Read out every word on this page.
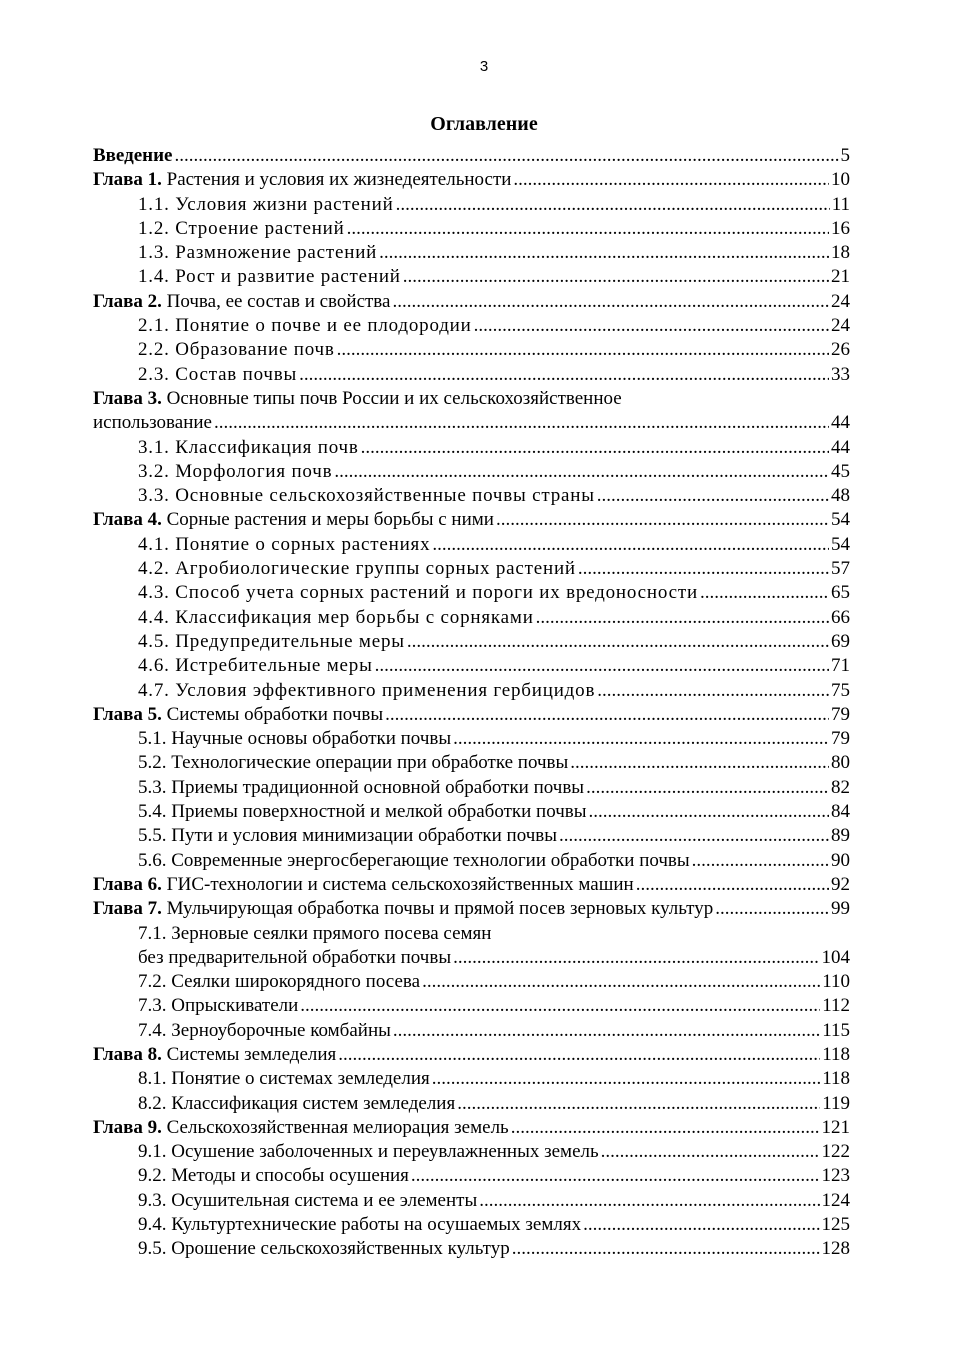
3
Оглавление
Введение .....	5
Глава 1. Растения и условия их жизнедеятельности .....	10
1.1. Условия жизни растений .....	11
1.2. Строение растений .....	16
1.3. Размножение растений .....	18
1.4. Рост и развитие растений .....	21
Глава 2. Почва, ее состав и свойства .....	24
2.1. Понятие о почве и ее плодородии .....	24
2.2. Образование почв .....	26
2.3. Состав почвы .....	33
Глава 3. Основные типы почв России и их сельскохозяйственное
использование .....	44
3.1. Классификация почв .....	44
3.2. Морфология почв .....	45
3.3. Основные сельскохозяйственные почвы страны .....	48
Глава 4. Сорные растения и меры борьбы с ними .....	54
4.1. Понятие о сорных растениях .....	54
4.2. Агробиологические группы сорных растений .....	57
4.3. Способ учета сорных растений и пороги их вредоносности .....	65
4.4. Классификация мер борьбы с сорняками .....	66
4.5. Предупредительные меры .....	69
4.6. Истребительные меры .....	71
4.7. Условия эффективного применения гербицидов .....	75
Глава 5. Системы обработки почвы .....	79
5.1. Научные основы обработки почвы .....	79
5.2. Технологические операции при обработке почвы .....	80
5.3. Приемы традиционной основной обработки почвы .....	82
5.4. Приемы поверхностной и мелкой обработки почвы .....	84
5.5. Пути и условия минимизации обработки почвы .....	89
5.6. Современные энергосберегающие технологии обработки почвы .....	90
Глава 6. ГИС-технологии и система сельскохозяйственных машин .....	92
Глава 7. Мульчирующая обработка почвы и прямой посев зерновых культур .....	99
7.1. Зерновые сеялки прямого посева семян
без предварительной обработки почвы .....	104
7.2. Сеялки широкорядного посева .....	110
7.3. Опрыскиватели .....	112
7.4. Зерноуборочные комбайны .....	115
Глава 8. Системы земледелия .....	118
8.1. Понятие о системах земледелия .....	118
8.2. Классификация систем земледелия .....	119
Глава 9. Сельскохозяйственная мелиорация земель .....	121
9.1. Осушение заболоченных и переувлажненных земель .....	122
9.2. Методы и способы осушения .....	123
9.3. Осушительная система и ее элементы .....	124
9.4. Культуртехнические работы на осушаемых землях .....	125
9.5. Орошение сельскохозяйственных культур .....	128
